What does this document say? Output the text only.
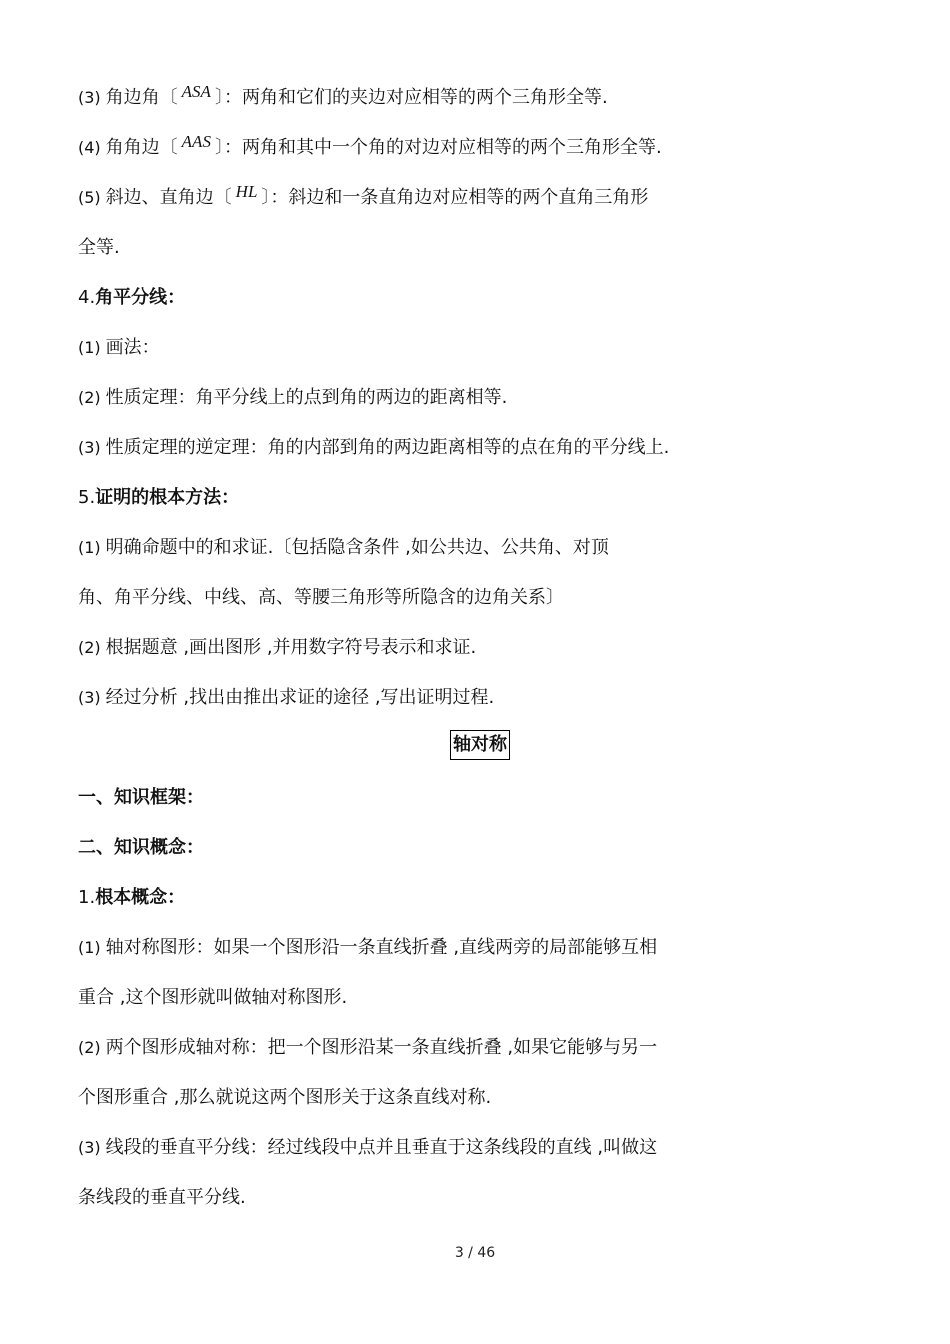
(3) 角边角〔 ASA 〕：两角和它们的夹边对应相等的两个三角形全等.
(4) 角角边〔 AAS 〕：两角和其中一个角的对边对应相等的两个三角形全等.
(5) 斜边、直角边〔 HL 〕：斜边和一条直角边对应相等的两个直角三角形
全等.
4.角平分线：
(1) 画法：
(2) 性质定理：角平分线上的点到角的两边的距离相等.
(3) 性质定理的逆定理：角的内部到角的两边距离相等的点在角的平分线上.
5.证明的根本方法：
(1) 明确命题中的和求证.〔包括隐含条件 ,如公共边、公共角、对顶
角、角平分线、中线、高、等腰三角形等所隐含的边角关系〕
(2) 根据题意 ,画出图形 ,并用数字符号表示和求证.
(3) 经过分析 ,找出由推出求证的途径 ,写出证明过程.
轴对称
一、知识框架：
二、知识概念：
1.根本概念：
(1) 轴对称图形：如果一个图形沿一条直线折叠 ,直线两旁的局部能够互相
重合 ,这个图形就叫做轴对称图形.
(2) 两个图形成轴对称：把一个图形沿某一条直线折叠 ,如果它能够与另一
个图形重合 ,那么就说这两个图形关于这条直线对称.
(3) 线段的垂直平分线：经过线段中点并且垂直于这条线段的直线 ,叫做这
条线段的垂直平分线.
3 / 46
